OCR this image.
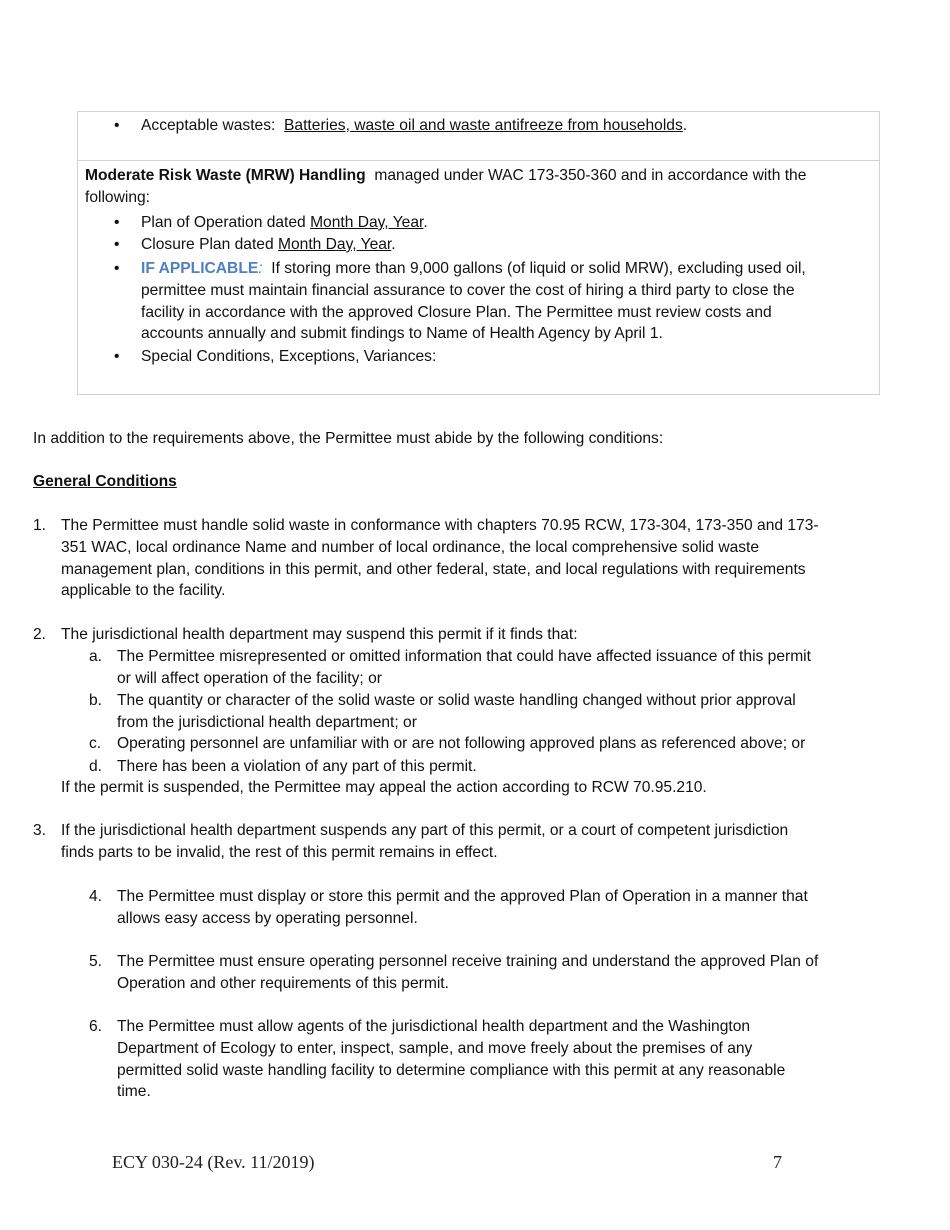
• Acceptable wastes: Batteries, waste oil and waste antifreeze from households.
Moderate Risk Waste (MRW) Handling managed under WAC 173-350-360 and in accordance with the
following:
• Plan of Operation dated Month Day, Year.
• Closure Plan dated Month Day, Year.
• IF APPLICABLE: If storing more than 9,000 gallons (of liquid or solid MRW), excluding used oil,
permittee must maintain financial assurance to cover the cost of hiring a third party to close the
facility in accordance with the approved Closure Plan. The Permittee must review costs and
accounts annually and submit findings to Name of Health Agency by April 1.
• Special Conditions, Exceptions, Variances:
In addition to the requirements above, the Permittee must abide by the following conditions:
General Conditions
1. The Permittee must handle solid waste in conformance with chapters 70.95 RCW, 173-304, 173-350 and 173-
351 WAC, local ordinance Name and number of local ordinance, the local comprehensive solid waste
management plan, conditions in this permit, and other federal, state, and local regulations with requirements
applicable to the facility.
2. The jurisdictional health department may suspend this permit if it finds that:
a. The Permittee misrepresented or omitted information that could have affected issuance of this permit
or will affect operation of the facility; or
b. The quantity or character of the solid waste or solid waste handling changed without prior approval
from the jurisdictional health department; or
c. Operating personnel are unfamiliar with or are not following approved plans as referenced above; or
d. There has been a violation of any part of this permit.
If the permit is suspended, the Permittee may appeal the action according to RCW 70.95.210.
3. If the jurisdictional health department suspends any part of this permit, or a court of competent jurisdiction
finds parts to be invalid, the rest of this permit remains in effect.
4. The Permittee must display or store this permit and the approved Plan of Operation in a manner that
allows easy access by operating personnel.
5. The Permittee must ensure operating personnel receive training and understand the approved Plan of
Operation and other requirements of this permit.
6. The Permittee must allow agents of the jurisdictional health department and the Washington
Department of Ecology to enter, inspect, sample, and move freely about the premises of any
permitted solid waste handling facility to determine compliance with this permit at any reasonable
time.
ECY 030-24 (Rev. 11/2019)	7
